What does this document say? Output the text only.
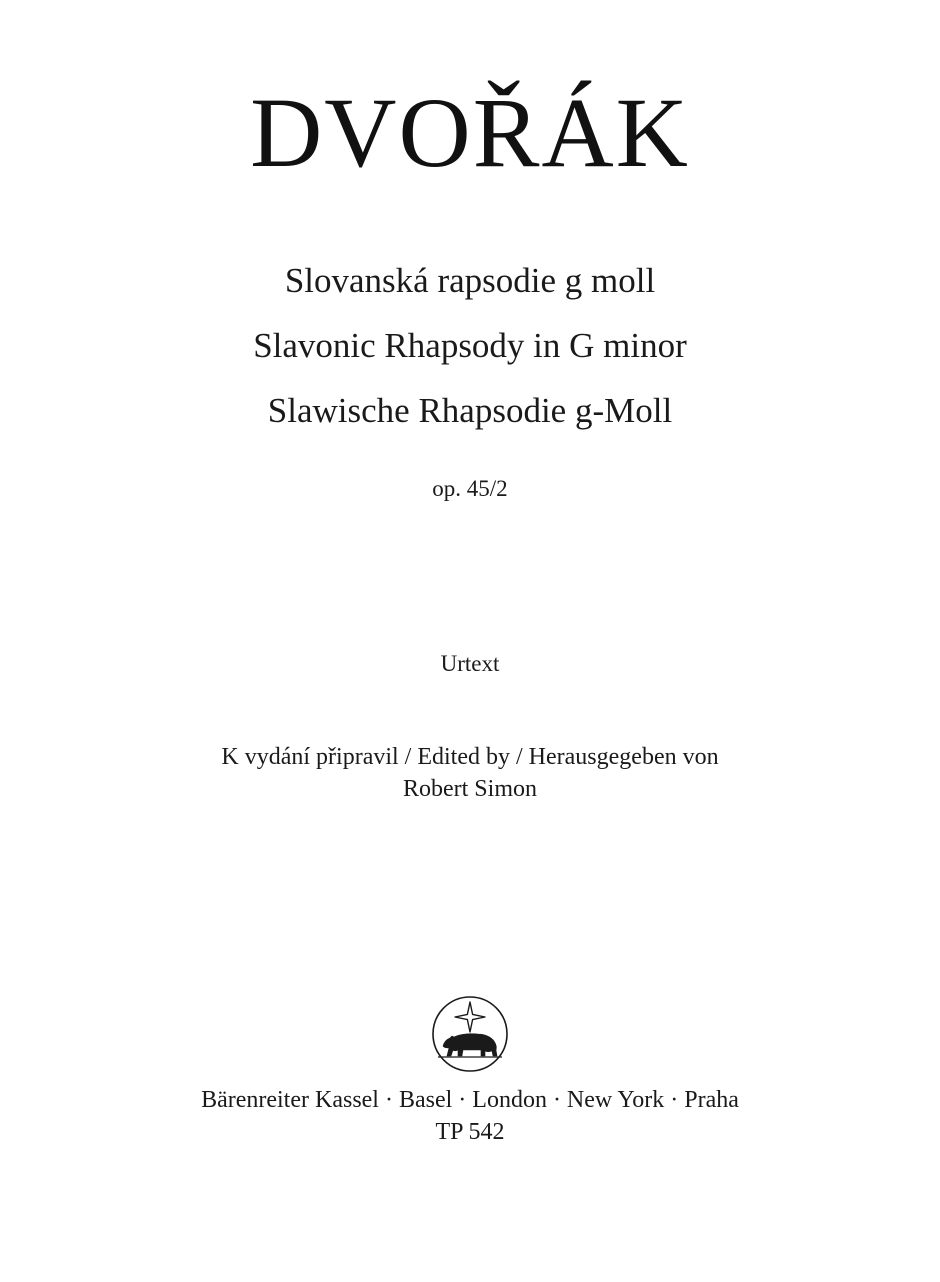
DVOŘÁK
Slovanská rapsodie g moll
Slavonic Rhapsody in G minor
Slawische Rhapsodie g-Moll
op. 45/2
Urtext
K vydání připravil / Edited by / Herausgegeben von
Robert Simon
Bärenreiter Kassel · Basel · London · New York · Praha
TP 542
